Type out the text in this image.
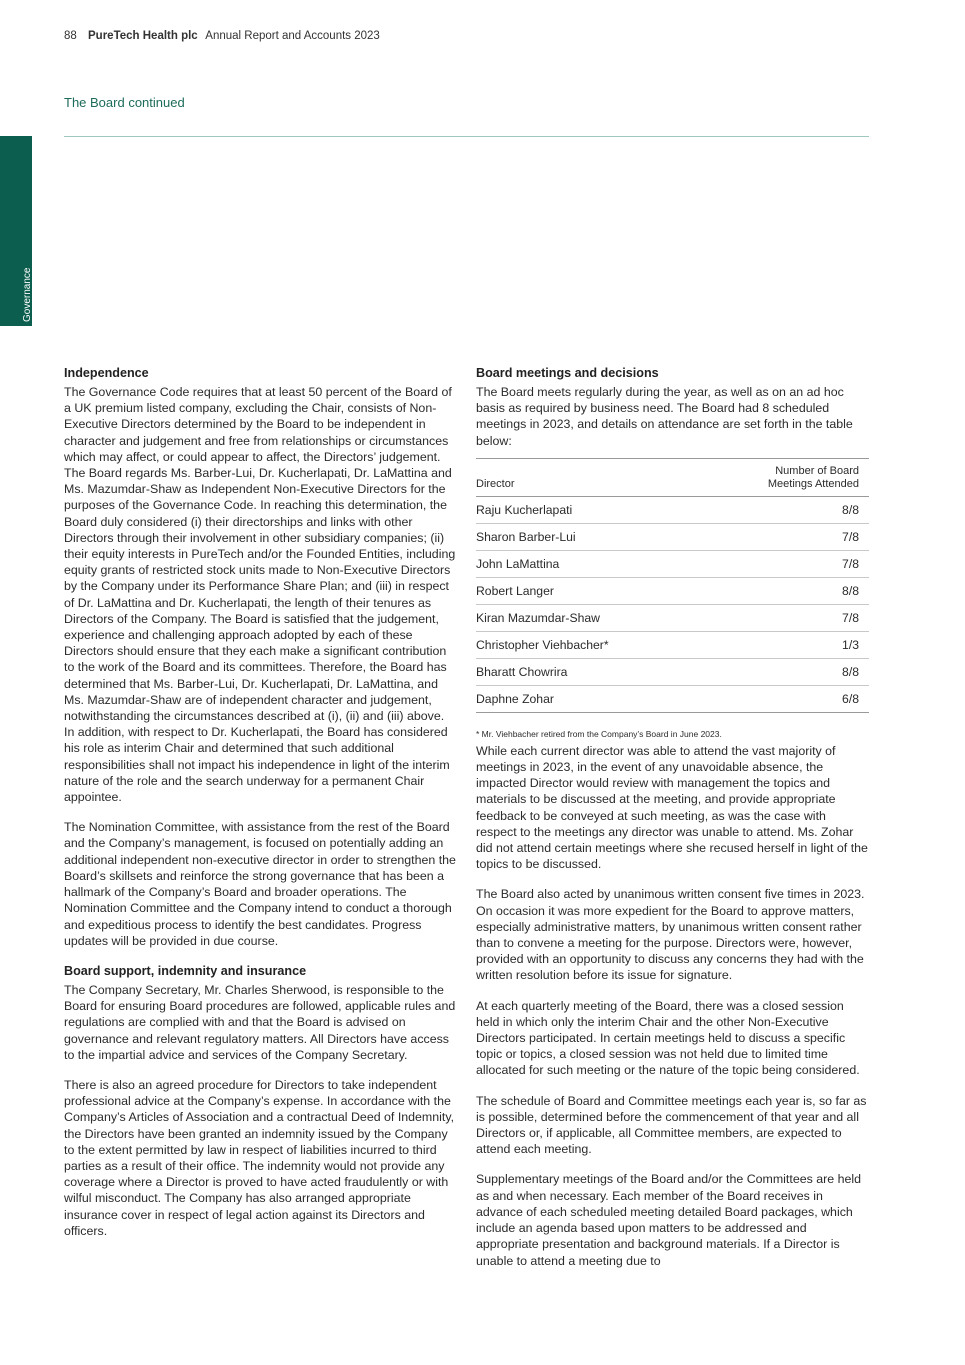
88 PureTech Health plc Annual Report and Accounts 2023
The Board continued
Governance
Independence

The Governance Code requires that at least 50 percent of the Board of a UK premium listed company, excluding the Chair, consists of Non-Executive Directors determined by the Board to be independent in character and judgement and free from relationships or circumstances which may affect, or could appear to affect, the Directors’ judgement. The Board regards Ms. Barber-Lui, Dr. Kucherlapati, Dr. LaMattina and Ms. Mazumdar-Shaw as Independent Non-Executive Directors for the purposes of the Governance Code. In reaching this determination, the Board duly considered (i) their directorships and links with other Directors through their involvement in other subsidiary companies; (ii) their equity interests in PureTech and/or the Founded Entities, including equity grants of restricted stock units made to Non-Executive Directors by the Company under its Performance Share Plan; and (iii) in respect of Dr. LaMattina and Dr. Kucherlapati, the length of their tenures as Directors of the Company. The Board is satisfied that the judgement, experience and challenging approach adopted by each of these Directors should ensure that they each make a significant contribution to the work of the Board and its committees. Therefore, the Board has determined that Ms. Barber-Lui, Dr. Kucherlapati, Dr. LaMattina, and Ms. Mazumdar-Shaw are of independent character and judgement, notwithstanding the circumstances described at (i), (ii) and (iii) above. In addition, with respect to Dr. Kucherlapati, the Board has considered his role as interim Chair and determined that such additional responsibilities shall not impact his independence in light of the interim nature of the role and the search underway for a permanent Chair appointee.

The Nomination Committee, with assistance from the rest of the Board and the Company’s management, is focused on potentially adding an additional independent non-executive director in order to strengthen the Board’s skillsets and reinforce the strong governance that has been a hallmark of the Company’s Board and broader operations. The Nomination Committee and the Company intend to conduct a thorough and expeditious process to identify the best candidates. Progress updates will be provided in due course.

Board support, indemnity and insurance

The Company Secretary, Mr. Charles Sherwood, is responsible to the Board for ensuring Board procedures are followed, applicable rules and regulations are complied with and that the Board is advised on governance and relevant regulatory matters. All Directors have access to the impartial advice and services of the Company Secretary.

There is also an agreed procedure for Directors to take independent professional advice at the Company’s expense. In accordance with the Company’s Articles of Association and a contractual Deed of Indemnity, the Directors have been granted an indemnity issued by the Company to the extent permitted by law in respect of liabilities incurred to third parties as a result of their office. The indemnity would not provide any coverage where a Director is proved to have acted fraudulently or with wilful misconduct. The Company has also arranged appropriate insurance cover in respect of legal action against its Directors and officers.

Board meetings and decisions

The Board meets regularly during the year, as well as on an ad hoc basis as required by business need. The Board had 8 scheduled meetings in 2023, and details on attendance are set forth in the table below:

Director
Number of Board
Meetings Attended
Raju Kucherlapati	8/8
Sharon Barber-Lui	7/8
John LaMattina	7/8
Robert Langer	8/8
Kiran Mazumdar-Shaw	7/8
Christopher Viehbacher*	1/3
Bharatt Chowrira	8/8
Daphne Zohar	6/8
* Mr. Viehbacher retired from the Company’s Board in June 2023.

While each current director was able to attend the vast majority of meetings in 2023, in the event of any unavoidable absence, the impacted Director would review with management the topics and materials to be discussed at the meeting, and provide appropriate feedback to be conveyed at such meeting, as was the case with respect to the meetings any director was unable to attend. Ms. Zohar did not attend certain meetings where she recused herself in light of the topics to be discussed.

The Board also acted by unanimous written consent five times in 2023. On occasion it was more expedient for the Board to approve matters, especially administrative matters, by unanimous written consent rather than to convene a meeting for the purpose. Directors were, however, provided with an opportunity to discuss any concerns they had with the written resolution before its issue for signature.

At each quarterly meeting of the Board, there was a closed session held in which only the interim Chair and the other Non-Executive Directors participated. In certain meetings held to discuss a specific topic or topics, a closed session was not held due to limited time allocated for such meeting or the nature of the topic being considered.

The schedule of Board and Committee meetings each year is, so far as is possible, determined before the commencement of that year and all Directors or, if applicable, all Committee members, are expected to attend each meeting.

Supplementary meetings of the Board and/or the Committees are held as and when necessary. Each member of the Board receives in advance of each scheduled meeting detailed Board packages, which include an agenda based upon matters to be addressed and appropriate presentation and background materials. If a Director is unable to attend a meeting due to
